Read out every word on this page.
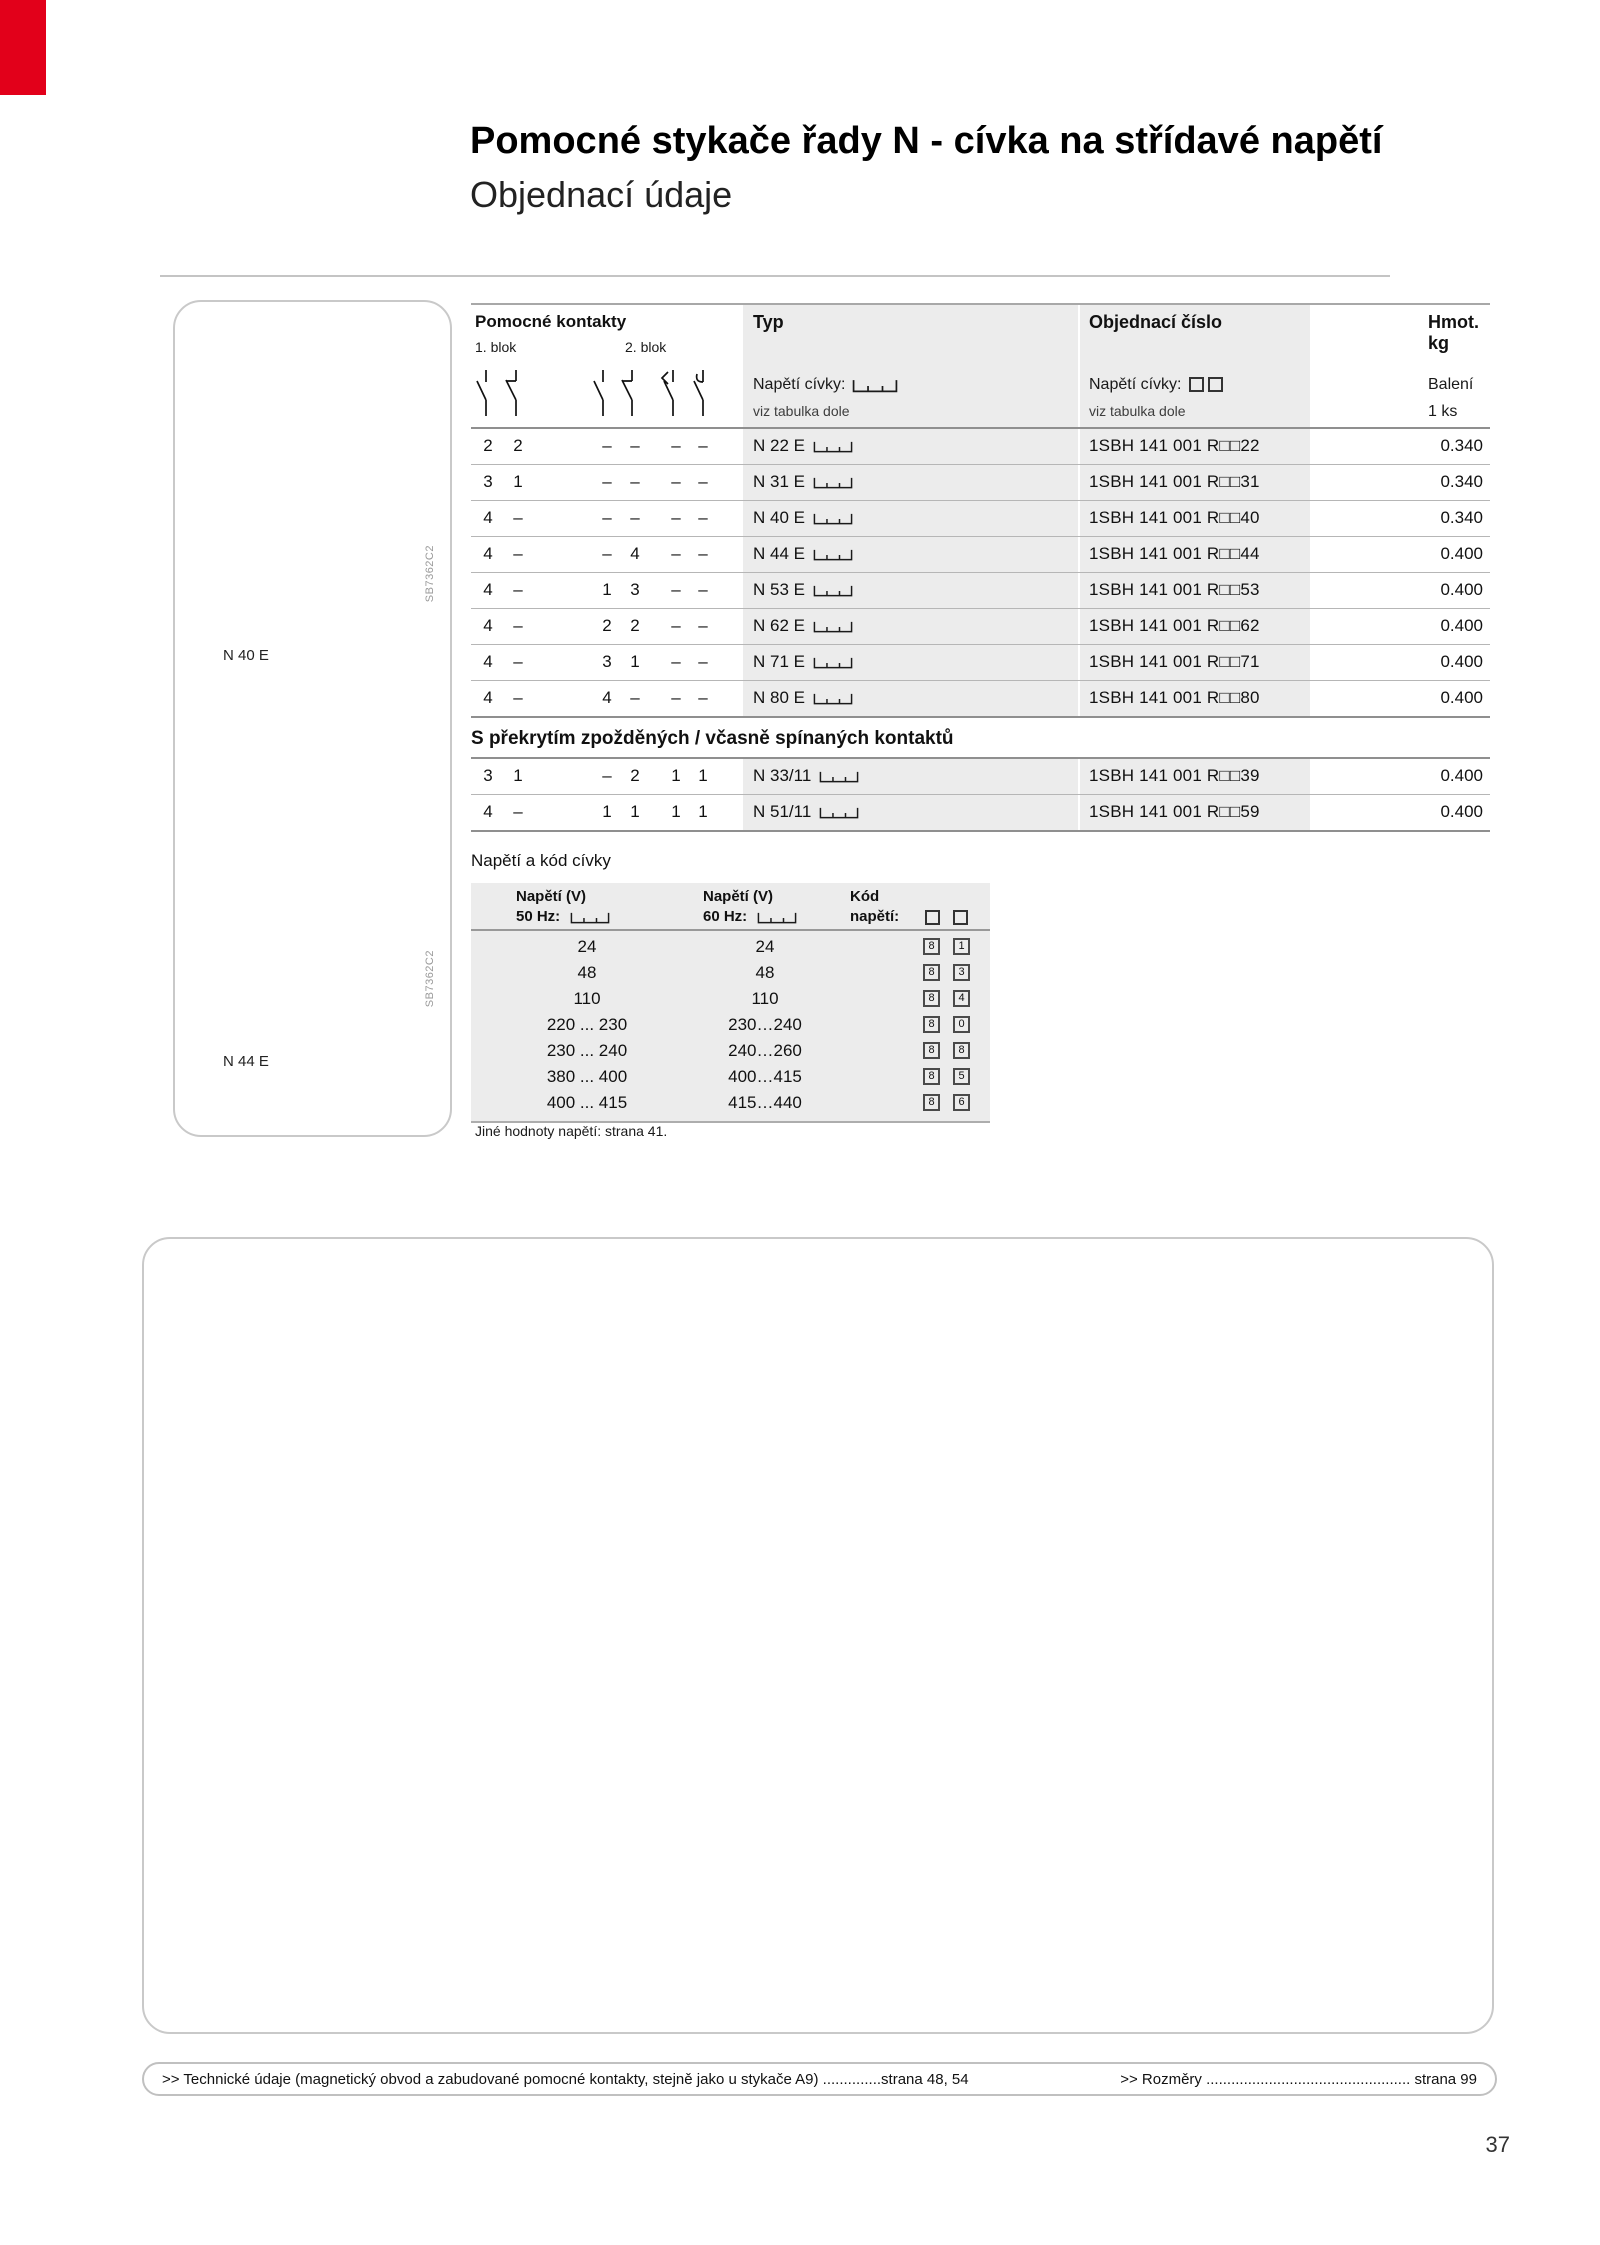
Pomocné stykače řady N - cívka na střídavé napětí
Objednací údaje
N 40 E
N 44 E
SB7362C2
SB7362C2
Pomocné kontakty
1. blok	2. blok
Typ
Napětí cívky:
viz tabulka dole
Objednací číslo
Napětí cívky:
viz tabulka dole
Hmot.
kg
Balení
1 ks
2	2	–	–	–	–	N 22 E	1SBH 141 001 R□□22	0.340
3	1	–	–	–	–	N 31 E	1SBH 141 001 R□□31	0.340
4	–	–	–	–	–	N 40 E	1SBH 141 001 R□□40	0.340
4	–	–	4	–	–	N 44 E	1SBH 141 001 R□□44	0.400
4	–	1	3	–	–	N 53 E	1SBH 141 001 R□□53	0.400
4	–	2	2	–	–	N 62 E	1SBH 141 001 R□□62	0.400
4	–	3	1	–	–	N 71 E	1SBH 141 001 R□□71	0.400
4	–	4	–	–	–	N 80 E	1SBH 141 001 R□□80	0.400
S překrytím zpožděných / včasně spínaných kontaktů
3	1	–	2	1	1	N 33/11	1SBH 141 001 R□□39	0.400
4	–	1	1	1	1	N 51/11	1SBH 141 001 R□□59	0.400
Napětí a kód cívky
Napětí (V)
50 Hz:
Napětí (V)
60 Hz:
Kód
napětí:
24	24	8	1
48	48	8	3
110	110	8	4
220 ... 230	230…240	8	0
230 ... 240	240…260	8	8
380 ... 400	400…415	8	5
400 ... 415	415…440	8	6
Jiné hodnoty napětí: strana 41.
>> Technické údaje (magnetický obvod a zabudované pomocné kontakty, stejně jako u stykače A9) ..............strana 48, 54	>> Rozměry ................................................. strana 99
37
